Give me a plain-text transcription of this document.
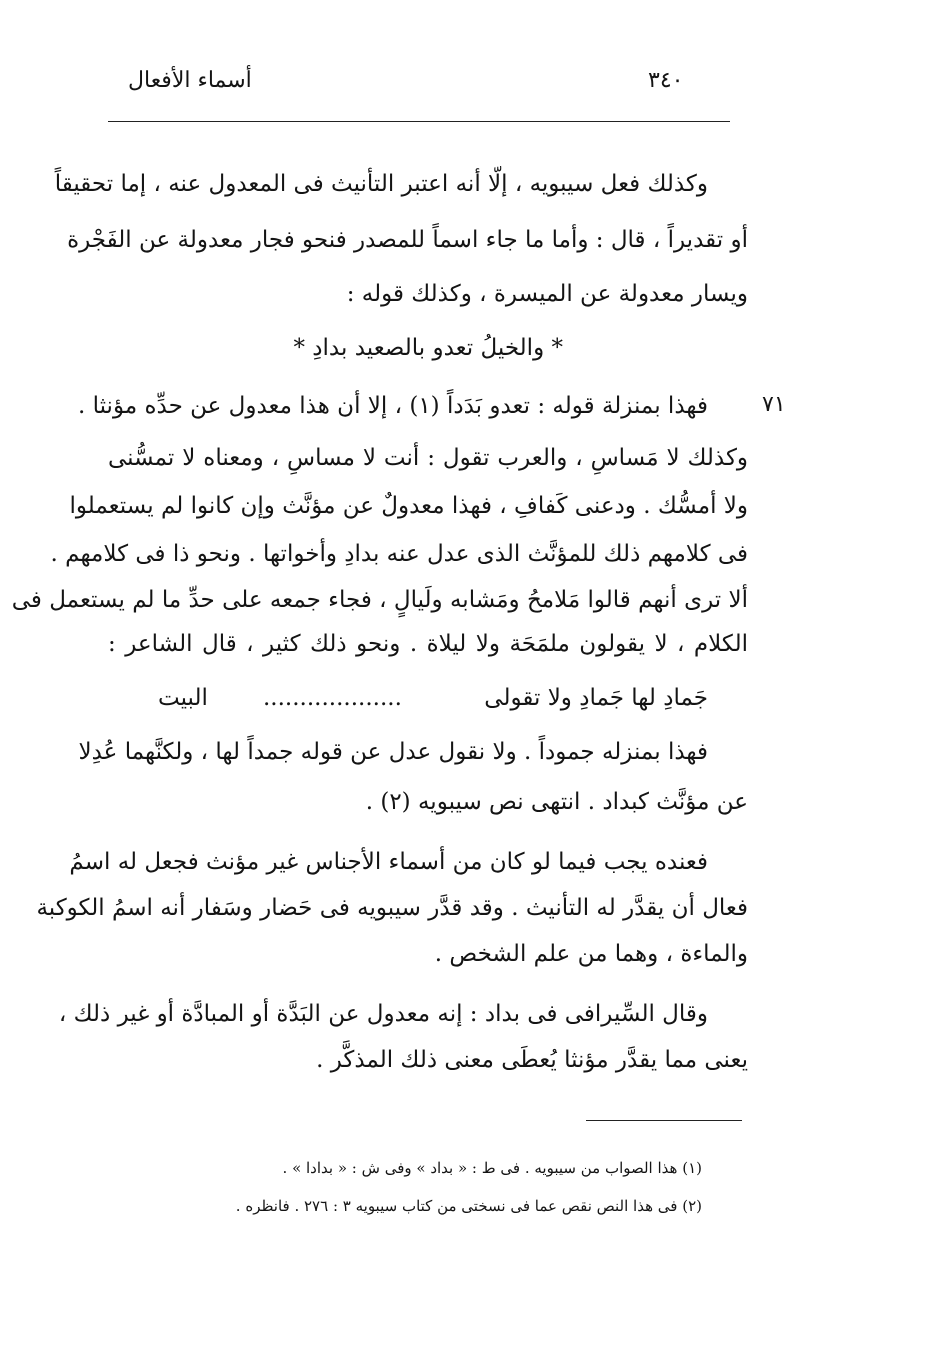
٣٤٠
أسماء الأفعال
وكذلك فعل سيبويه ، إلّا أنه اعتبر التأنيث فى المعدول عنه ، إما تحقيقاً
أو تقديراً ، قال : وأما ما جاء اسماً للمصدر فنحو فجار معدولة عن الفَجْرة
ويسار معدولة عن الميسرة ، وكذلك قوله :
* والخيلُ تعدو بالصعيد بدادِ *
٧١
فهذا بمنزلة قوله : تعدو بَدَداً (١) ، إلا أن هذا معدول عن حدِّه مؤنثا .
وكذلك لا مَساسِ ، والعرب تقول : أنت لا مساسِ ، ومعناه لا تمسُّنى
ولا أمسُّك . ودعنى كَفافِ ، فهذا معدولٌ عن مؤنَّث وإن كانوا لم يستعملوا
فى كلامهم ذلك للمؤنَّث الذى عدل عنه بدادِ وأخواتها . ونحو ذا فى كلامهم .
ألا ترى أنهم قالوا مَلامحُ ومَشابه ولَيالٍ ، فجاء جمعه على حدِّ ما لم يستعمل فى
الكلام ، لا يقولون ملمَحَة ولا ليلاة . ونحو ذلك كثير ، قال الشاعر :
جَمادِ لها جَمادِ ولا تقولى
...................
البيت
فهذا بمنزله جموداً . ولا نقول عدل عن قوله جمداً لها ، ولكنَّهما عُدِلا
عن مؤنَّث كبداد . انتهى نص سيبويه (٢) .
فعنده يجب فيما لو كان من أسماء الأجناس غير مؤنث فجعل له اسمُ
فعال أن يقدَّر له التأنيث . وقد قدَّر سيبويه فى حَضار وسَفار أنه اسمُ الكوكبة
والماءة ، وهما من علم الشخص .
وقال السِّيرافى فى بداد : إنه معدول عن البَدَّة أو المبادَّة أو غير ذلك ،
يعنى مما يقدَّر مؤنثا يُعطَى معنى ذلك المذكَّر .
(١) هذا الصواب من سيبويه . فى ط : « بداد » وفى ش : « بدادا » .
(٢) فى هذا النص نقص عما فى نسختى من كتاب سيبويه ٣ : ٢٧٦ . فانظره .
